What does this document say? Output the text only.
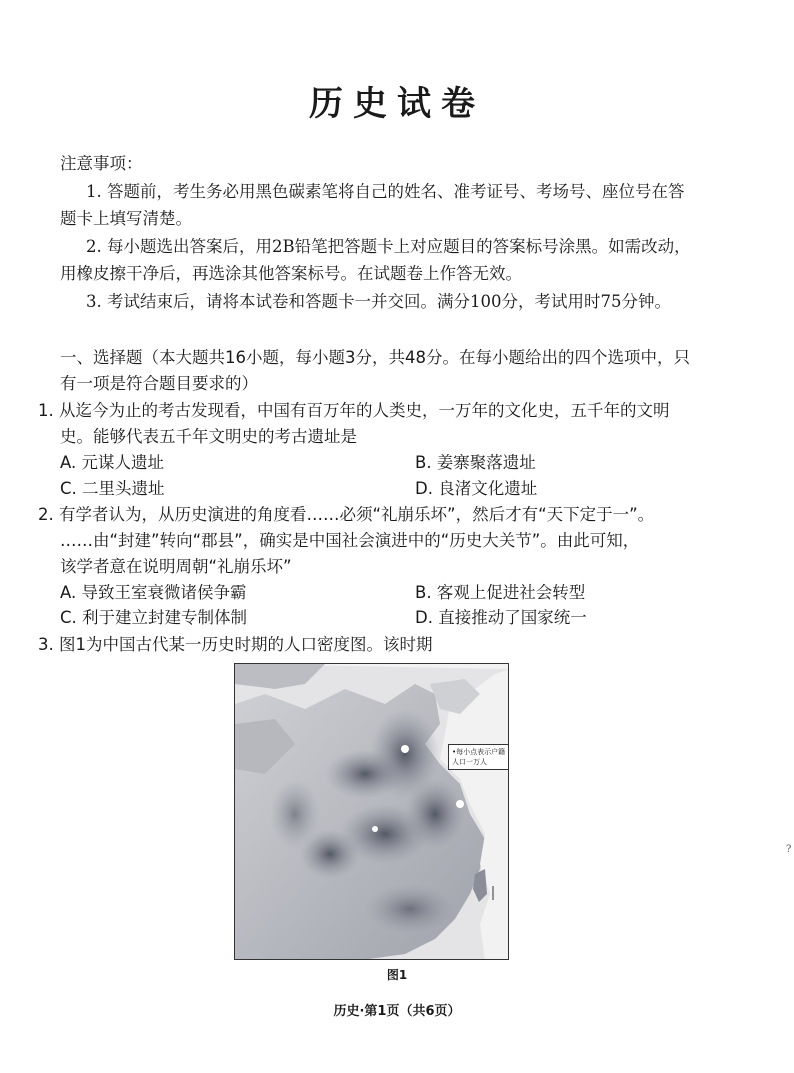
历史试卷
注意事项：
1. 答题前，考生务必用黑色碳素笔将自己的姓名、准考证号、考场号、座位号在答
题卡上填写清楚。
2. 每小题选出答案后，用2B铅笔把答题卡上对应题目的答案标号涂黑。如需改动，
用橡皮擦干净后，再选涂其他答案标号。在试题卷上作答无效。
3. 考试结束后，请将本试卷和答题卡一并交回。满分100分，考试用时75分钟。
一、选择题（本大题共16小题，每小题3分，共48分。在每小题给出的四个选项中，只
有一项是符合题目要求的）
1. 从迄今为止的考古发现看，中国有百万年的人类史，一万年的文化史，五千年的文明
史。能够代表五千年文明史的考古遗址是
A. 元谋人遗址	B. 姜寨聚落遗址
C. 二里头遗址	D. 良渚文化遗址
2. 有学者认为，从历史演进的角度看……必须“礼崩乐坏”，然后才有“天下定于一”。
……由“封建”转向“郡县”，确实是中国社会演进中的“历史大关节”。由此可知，
该学者意在说明周朝“礼崩乐坏”
A. 导致王室衰微诸侯争霸	B. 客观上促进社会转型
C. 利于建立封建专制体制	D. 直接推动了国家统一
3. 图1为中国古代某一历史时期的人口密度图。该时期
•每小点表示户籍人口一万人
图1
历史·第1页（共6页）
?
